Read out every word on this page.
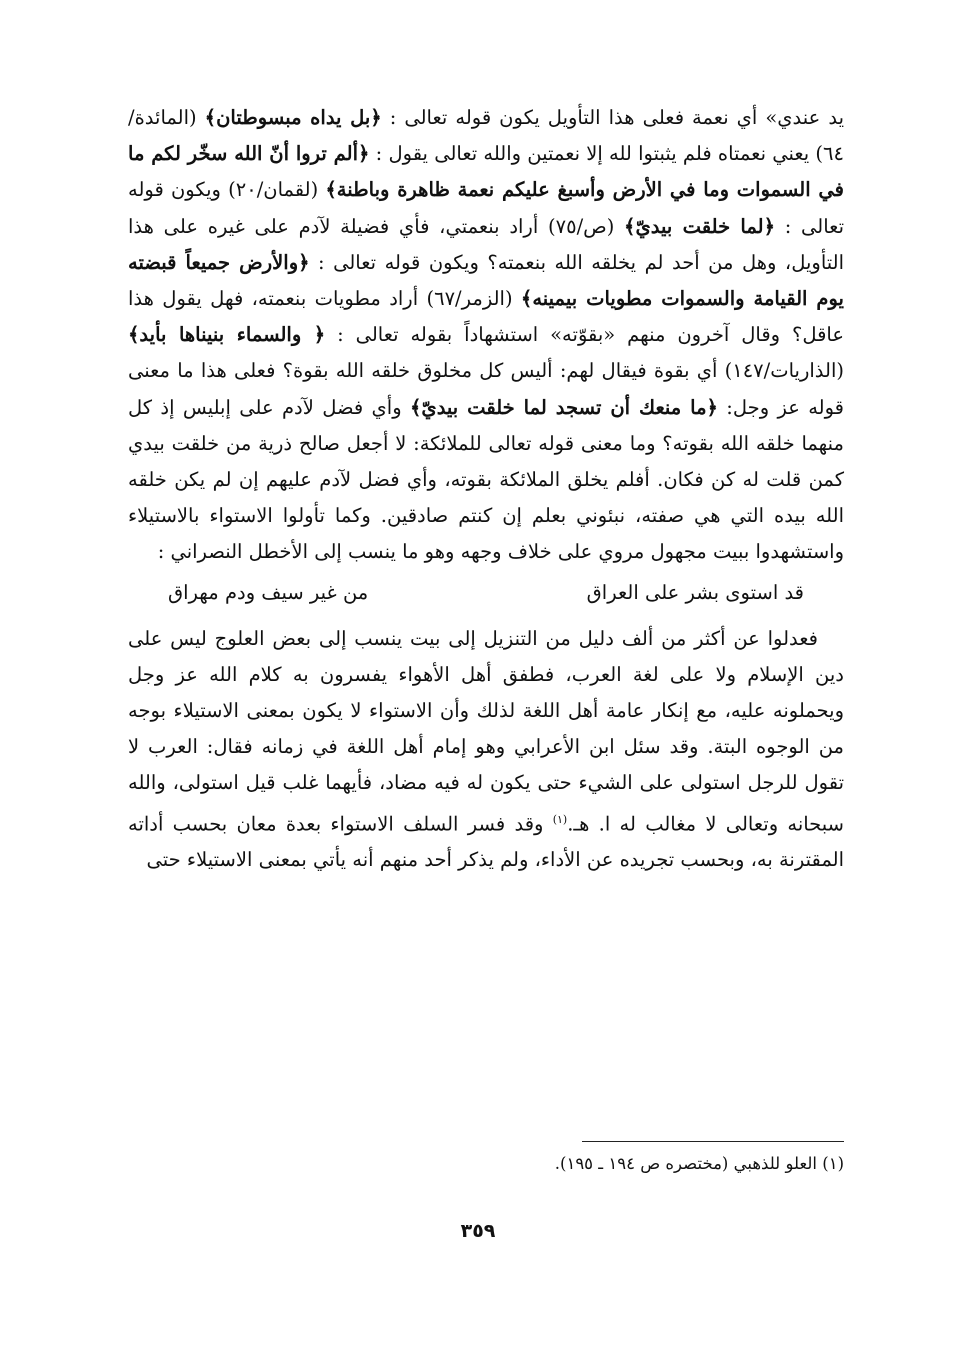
يد عندي» أي نعمة فعلى هذا التأويل يكون قوله تعالى : ﴿بل يداه مبسوطتان﴾ (المائدة/٦٤) يعني نعمتاه فلم يثبتوا لله إلا نعمتين والله تعالى يقول : ﴿ألم تروا أنّ الله سخّر لكم ما في السموات وما في الأرض وأسبغ عليكم نعمة ظاهرة وباطنة﴾ (لقمان/٢٠) ويكون قوله تعالى : ﴿لما خلقت بيديّ﴾ (ص/٧٥) أراد بنعمتي، فأي فضيلة لآدم على غيره على هذا التأويل، وهل من أحد لم يخلقه الله بنعمته؟ ويكون قوله تعالى : ﴿والأرض جميعاً قبضته يوم القيامة والسموات مطويات بيمينه﴾ (الزمر/٦٧) أراد مطويات بنعمته، فهل يقول هذا عاقل؟ وقال آخرون منهم «بقوّته» استشهاداً بقوله تعالى : ﴿ والسماء بنيناها بأيد﴾ (الذاريات/١٤٧) أي بقوة فيقال لهم: أليس كل مخلوق خلقه الله بقوة؟ فعلى هذا ما معنى قوله عز وجل: ﴿ما منعك أن تسجد لما خلقت بيديّ﴾ وأي فضل لآدم على إبليس إذ كل منهما خلقه الله بقوته؟ وما معنى قوله تعالى للملائكة: لا أجعل صالح ذرية من خلقت بيدي كمن قلت له كن فكان. أفلم يخلق الملائكة بقوته، وأي فضل لآدم عليهم إن لم يكن خلقه الله بيده التي هي صفته، نبئوني بعلم إن كنتم صادقين. وكما تأولوا الاستواء بالاستيلاء واستشهدوا ببيت مجهول مروي على خلاف وجهه وهو ما ينسب إلى الأخطل النصراني :

قد استوى بشر على العراق
من غير سيف ودم مهراق

فعدلوا عن أكثر من ألف دليل من التنزيل إلى بيت ينسب إلى بعض العلوج ليس على دين الإسلام ولا على لغة العرب، فطفق أهل الأهواء يفسرون به كلام الله عز وجل ويحملونه عليه، مع إنكار عامة أهل اللغة لذلك وأن الاستواء لا يكون بمعنى الاستيلاء بوجه من الوجوه البتة. وقد سئل ابن الأعرابي وهو إمام أهل اللغة في زمانه فقال: العرب لا تقول للرجل استولى على الشيء حتى يكون له فيه مضاد، فأيهما غلب قيل استولى، والله سبحانه وتعالى لا مغالب له ا. هـ.$^{(١)}$ وقد فسر السلف الاستواء بعدة معان بحسب أداته المقترنة به، وبحسب تجريده عن الأداء، ولم يذكر أحد منهم أنه يأتي بمعنى الاستيلاء حتى

(١) العلو للذهبي (مختصره ص ١٩٤ ـ ١٩٥).
٣٥٩
